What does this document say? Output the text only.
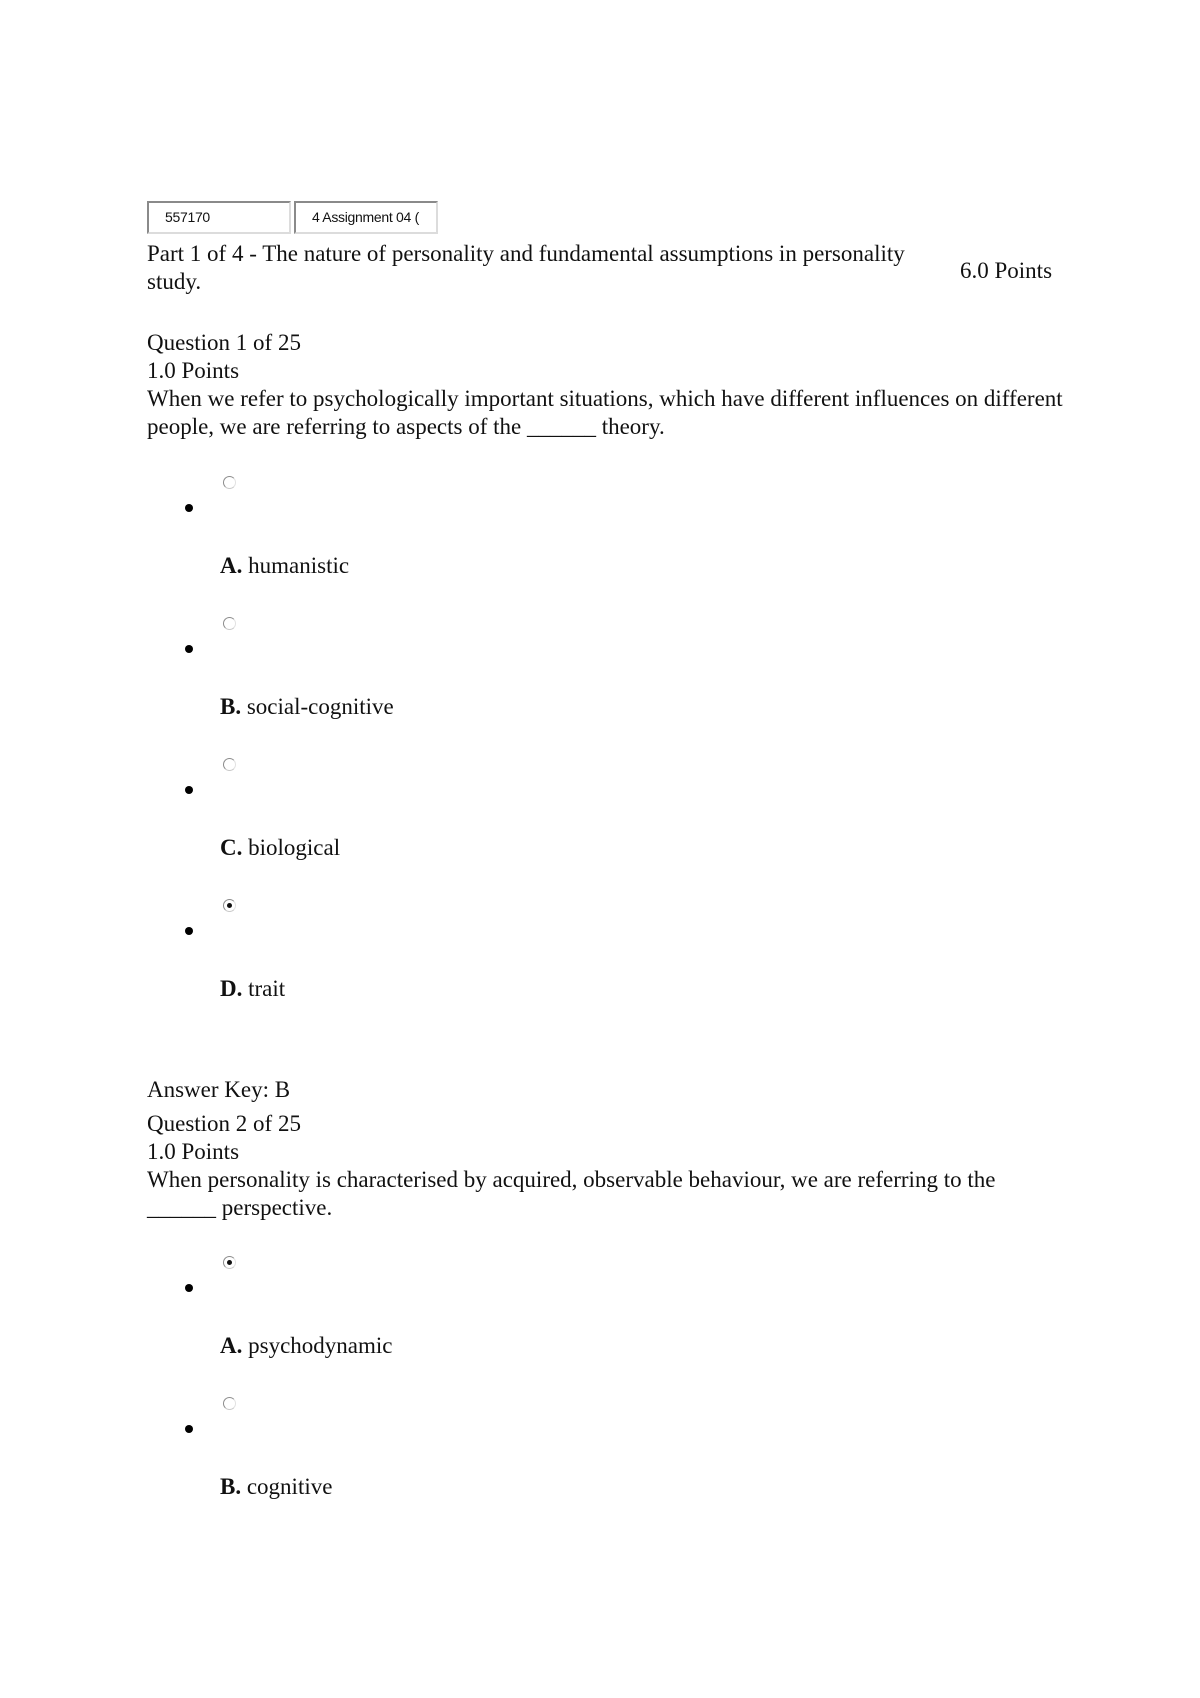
557170	4 Assignment 04 (
Part 1 of 4 - The nature of personality and fundamental assumptions in personality study.	6.0 Points
Question 1 of 25
1.0 Points
When we refer to psychologically important situations, which have different influences on different people, we are referring to aspects of the ______ theory.
A. humanistic
B. social-cognitive
C. biological
D. trait
Answer Key: B
Question 2 of 25
1.0 Points
When personality is characterised by acquired, observable behaviour, we are referring to the ______ perspective.
A. psychodynamic
B. cognitive
